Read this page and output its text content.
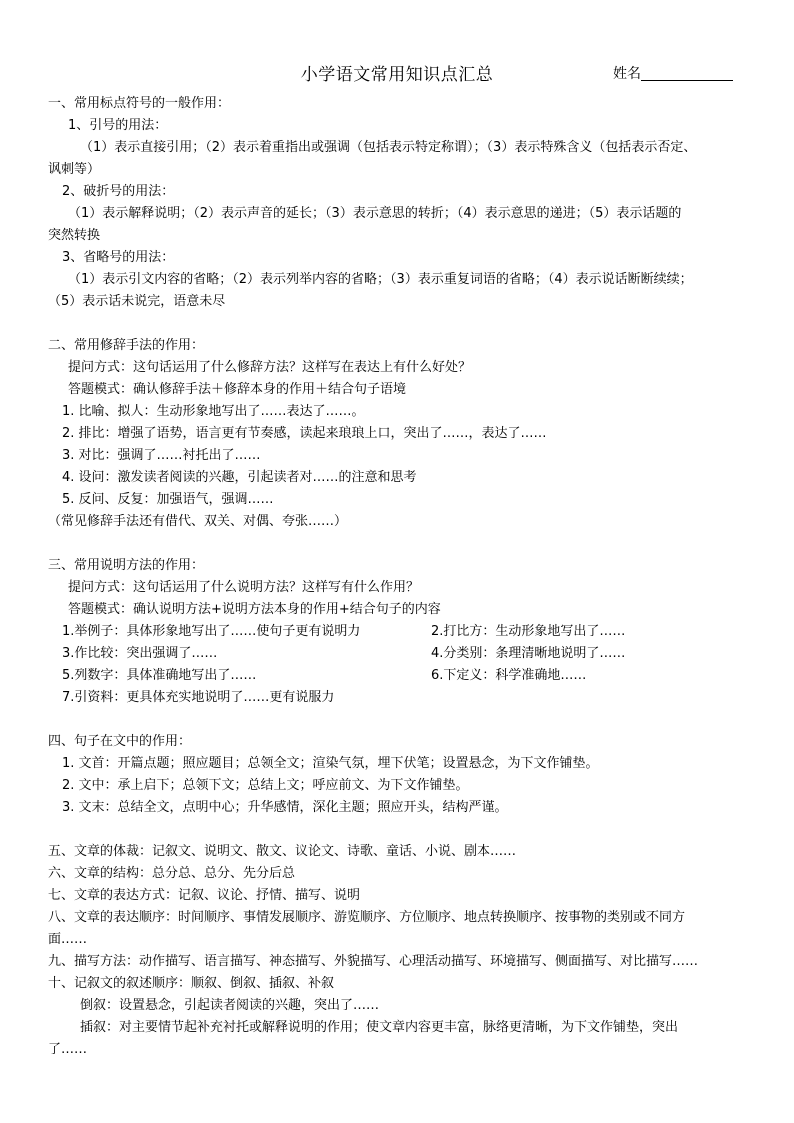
小学语文常用知识点汇总	姓名
一、常用标点符号的一般作用：
1、引号的用法：
（1）表示直接引用；（2）表示着重指出或强调（包括表示特定称谓）；（3）表示特殊含义（包括表示否定、
讽刺等）
2、破折号的用法：
（1）表示解释说明；（2）表示声音的延长；（3）表示意思的转折；（4）表示意思的递进；（5）表示话题的
突然转换
3、省略号的用法：
（1）表示引文内容的省略；（2）表示列举内容的省略；（3）表示重复词语的省略；（4）表示说话断断续续；
（5）表示话未说完，语意未尽
二、常用修辞手法的作用：
提问方式：这句话运用了什么修辞方法？这样写在表达上有什么好处？
答题模式：确认修辞手法＋修辞本身的作用＋结合句子语境
1. 比喻、拟人：生动形象地写出了……表达了……。
2. 排比：增强了语势，语言更有节奏感，读起来琅琅上口，突出了……，表达了……
3. 对比：强调了……衬托出了……
4. 设问：激发读者阅读的兴趣，引起读者对……的注意和思考
5. 反问、反复：加强语气，强调……
（常见修辞手法还有借代、双关、对偶、夸张……）
三、常用说明方法的作用：
提问方式：这句话运用了什么说明方法？这样写有什么作用？
答题模式：确认说明方法+说明方法本身的作用+结合句子的内容
1.举例子：具体形象地写出了……使句子更有说明力	2.打比方：生动形象地写出了……
3.作比较：突出强调了……	4.分类别：条理清晰地说明了……
5.列数字：具体准确地写出了……	6.下定义：科学准确地……
7.引资料：更具体充实地说明了……更有说服力
四、句子在文中的作用：
1. 文首：开篇点题；照应题目；总领全文；渲染气氛，埋下伏笔；设置悬念，为下文作铺垫。
2. 文中：承上启下；总领下文；总结上文；呼应前文、为下文作铺垫。
3. 文末：总结全文，点明中心；升华感情，深化主题；照应开头，结构严谨。
五、文章的体裁：记叙文、说明文、散文、议论文、诗歌、童话、小说、剧本……
六、文章的结构：总分总、总分、先分后总
七、文章的表达方式：记叙、议论、抒情、描写、说明
八、文章的表达顺序：时间顺序、事情发展顺序、游览顺序、方位顺序、地点转换顺序、按事物的类别或不同方
面……
九、描写方法：动作描写、语言描写、神态描写、外貌描写、心理活动描写、环境描写、侧面描写、对比描写……
十、记叙文的叙述顺序：顺叙、倒叙、插叙、补叙
倒叙：设置悬念，引起读者阅读的兴趣，突出了……
插叙：对主要情节起补充衬托或解释说明的作用；使文章内容更丰富，脉络更清晰，为下文作铺垫，突出
了……
